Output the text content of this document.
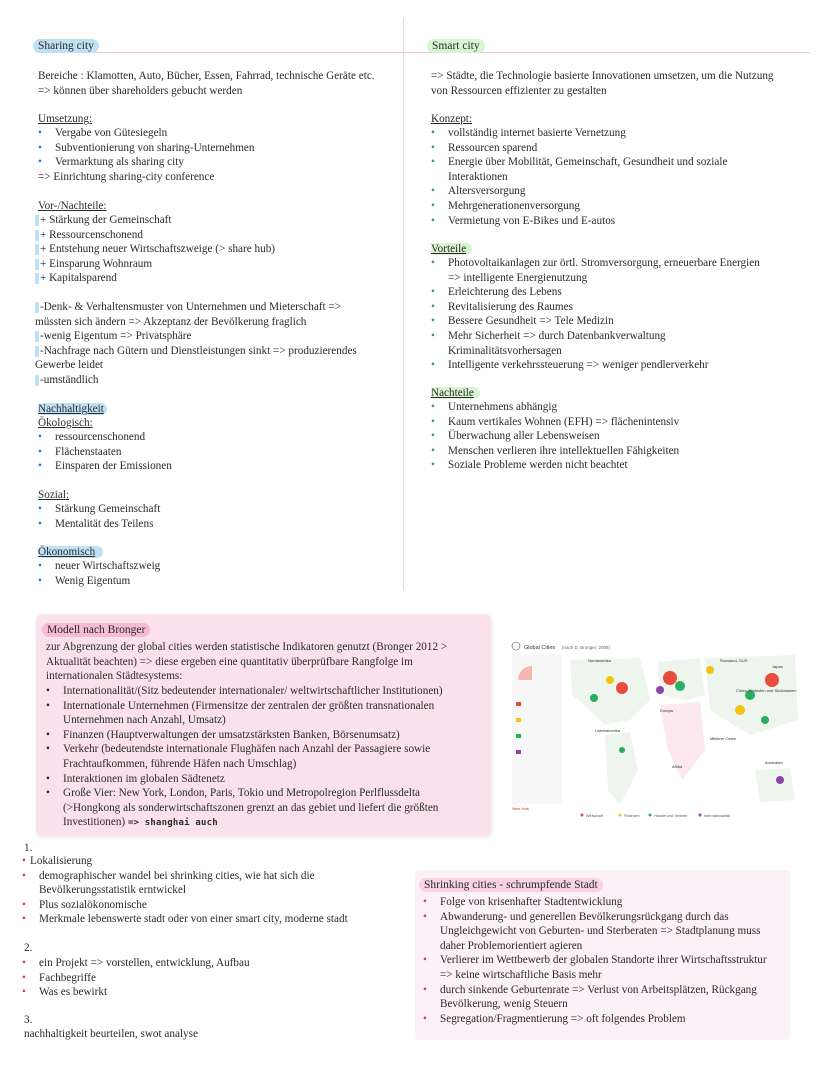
Sharing city

Bereiche : Klamotten, Auto, Bücher, Essen, Fahrrad, technische Geräte etc. => können über shareholders gebucht werden

Umsetzung:
• Vergabe von Gütesiegeln
• Subventionierung von sharing-Unternehmen
• Vermarktung als sharing city
=> Einrichtung sharing-city conference
Vor-/Nachteile:
+ Stärkung der Gemeinschaft
+ Ressourcenschonend
+ Entstehung neuer Wirtschaftszweige (> share hub)
+ Einsparung Wohnraum
+ Kapitalsparend
-Denk- & Verhaltensmuster von Unternehmen und Mieterschaft => müssten sich ändern => Akzeptanz der Bevölkerung fraglich
-wenig Eigentum => Privatsphäre
-Nachfrage nach Gütern und Dienstleistungen sinkt => produzierendes Gewerbe leidet
-umständlich
Nachhaltigkeit
Ökologisch:
• ressourcenschonend
• Flächenstaaten
• Einsparen der Emissionen
Sozial:
• Stärkung Gemeinschaft
• Mentalität des Teilens
Ökonomisch
• neuer Wirtschaftszweig
• Wenig Eigentum
Smart city

=> Städte, die Technologie basierte Innovationen umsetzen, um die Nutzung von Ressourcen effizienter zu gestalten

Konzept:
• vollständig internet basierte Vernetzung
• Ressourcen sparend
• Energie über Mobilität, Gemeinschaft, Gesundheit und soziale Interaktionen
• Altersversorgung
• Mehrgenerationenversorgung
• Vermietung von E-Bikes und E-autos
Vorteile
• Photovoltaikanlagen zur örtl. Stromversorgung, erneuerbare Energien => intelligente Energienutzung
• Erleichterung des Lebens
• Revitalisierung des Raumes
• Bessere Gesundheit => Tele Medizin
• Mehr Sicherheit => durch Datenbankverwaltung Kriminalitätsvorhersagen
• Intelligente verkehrssteuerung => weniger pendlerverkehr
Nachteile
• Unternehmens abhängig
• Kaum vertikales Wohnen (EFH) => flächenintensiv
• Überwachung aller Lebensweisen
• Menschen verlieren ihre intellektuellen Fähigkeiten
• Soziale Probleme werden nicht beachtet
Modell nach Bronger

zur Abgrenzung der global cities werden statistische Indikatoren genutzt (Bronger 2012 > Aktualität beachten) => diese ergeben eine quantitativ überprüfbare Rangfolge im internationalen Städtesystems:

• Internationalität/(Sitz bedeutender internationaler/ weltwirtschaftlicher Institutionen)
• Internationale Unternehmen (Firmensitze der zentralen der größten transnationalen Unternehmen nach Anzahl, Umsatz)
• Finanzen (Hauptverwaltungen der umsatzstärksten Banken, Börsenumsatz)
• Verkehr (bedeutendste internationale Flughäfen nach Anzahl der Passagiere sowie Frachtaufkommen, führende Häfen nach Umschlag)
• Interaktionen im globalen Sädtenetz
• Große Vier: New York, London, Paris, Tokio und Metropolregion Perlflussdelta (>Hongkong als sonderwirtschaftszonen grenzt an das gebiet und liefert die größten Investitionen) => shanghai auch
Global Cities (nach D. Bronger, 2008)
New York
Wirtschaft	Finanzen	Handel und Verkehr	Internationalität
Nordamerika
Europa
Lateinamerika
Afrika
Russland, GUS
China, Südosten und Südostasien
Japan
Mittlerer Osten
Australien
1.
• Lokalisierung
• demographischer wandel bei shrinking cities, wie hat sich die Bevölkerungsstatistik erntwickel
• Plus sozialökonomische
• Merkmale lebenswerte stadt oder von einer smart city, moderne stadt
2.
• ein Projekt => vorstellen, entwicklung, Aufbau
• Fachbegriffe
• Was es bewirkt
3.
nachhaltigkeit beurteilen, swot analyse
Shrinking cities - schrumpfende Stadt
• Folge von krisenhafter Stadtentwicklung
• Abwanderung- und generellen Bevölkerungsrückgang durch das Ungleichgewicht von Geburten- und Sterberaten => Stadtplanung muss daher Problemorientiert agieren
• Verlierer im Wettbewerb der globalen Standorte ihrer Wirtschaftsstruktur => keine wirtschaftliche Basis mehr
• durch sinkende Geburtenrate => Verlust von Arbeitsplätzen, Rückgang Bevölkerung, wenig Steuern
• Segregation/Fragmentierung => oft folgendes Problem
